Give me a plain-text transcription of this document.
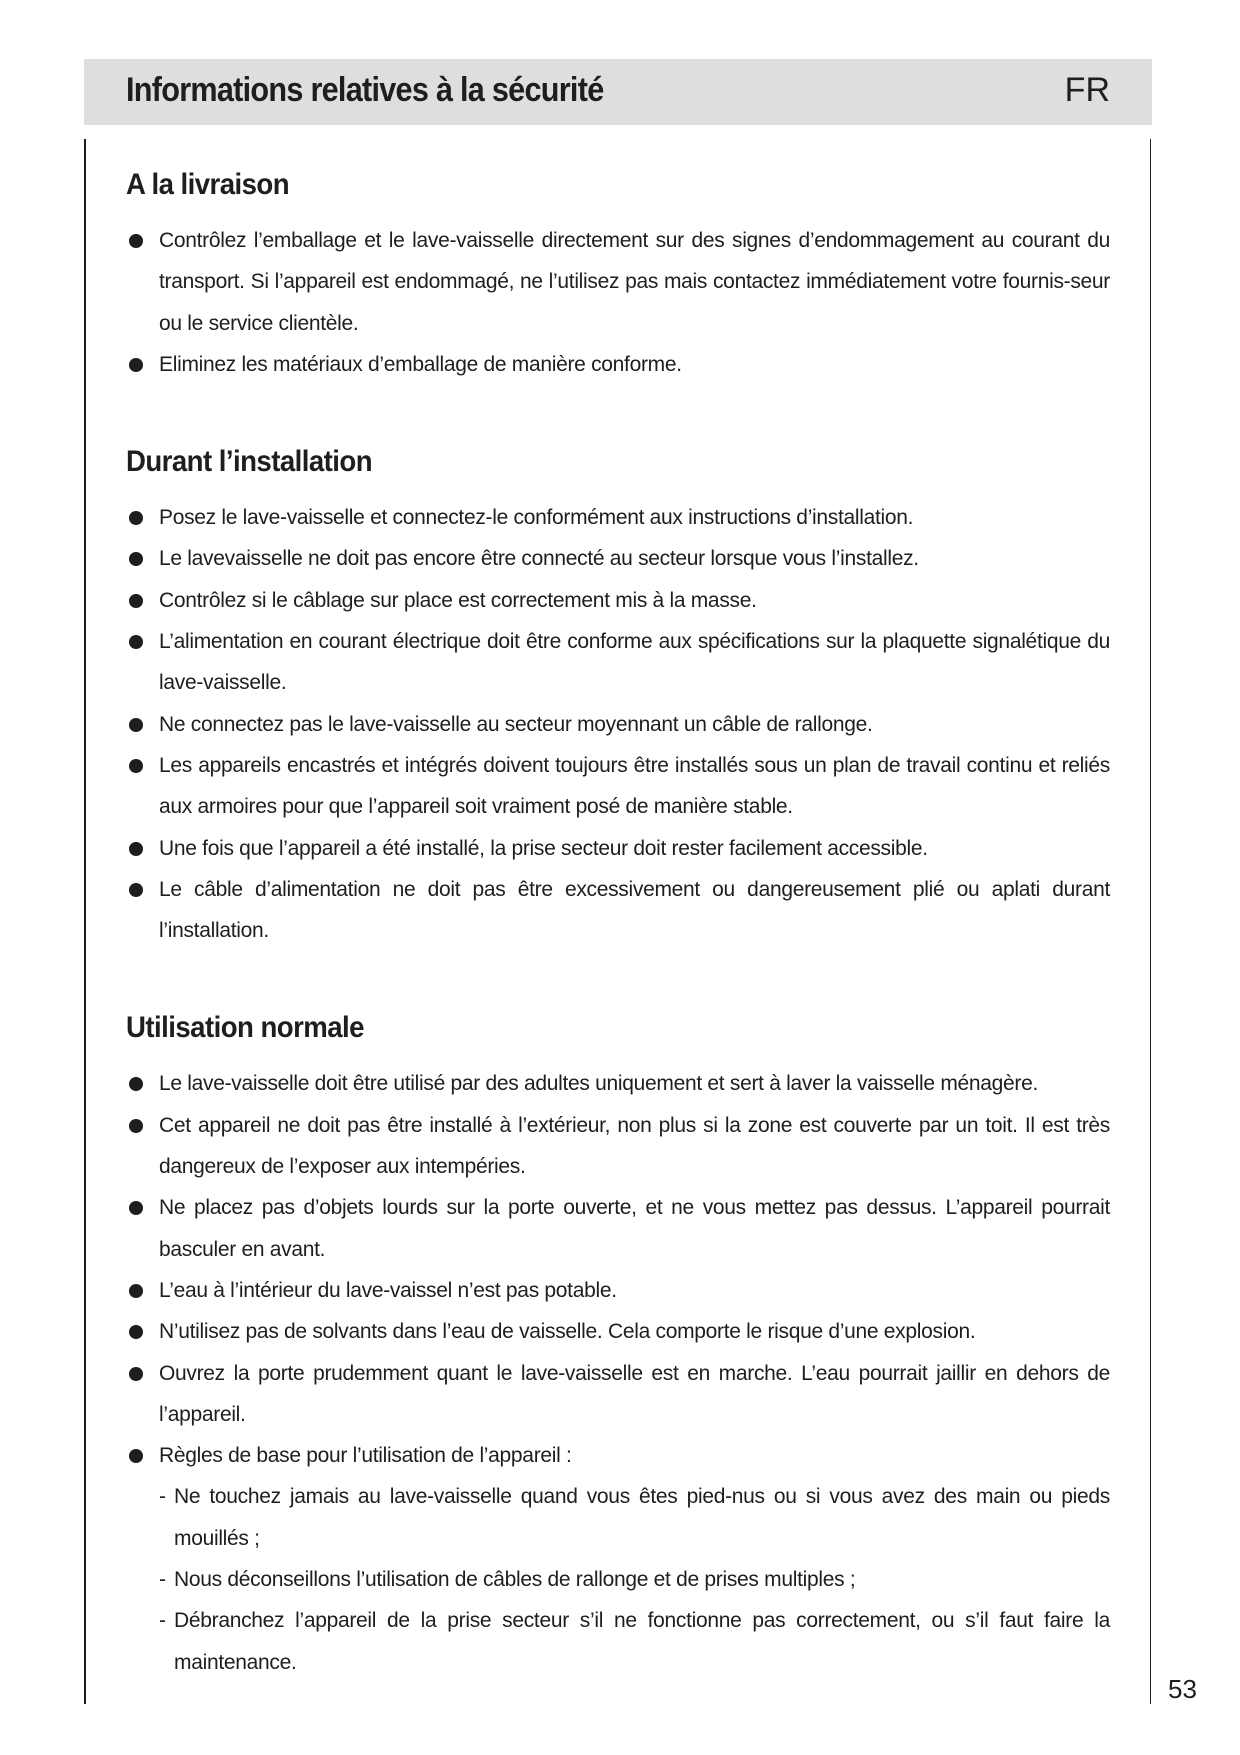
Informations relatives à la sécurité	FR
A la livraison
Contrôlez l’emballage et le lave-vaisselle directement sur des signes d’endommagement au courant du transport. Si l’appareil est endommagé, ne l’utilisez pas mais contactez immédiatement votre fournis-seur ou le service clientèle.
Eliminez les matériaux d’emballage de manière conforme.
Durant l’installation
Posez le lave-vaisselle et connectez-le conformément aux instructions d’installation.
Le lavevaisselle ne doit pas encore être connecté au secteur lorsque vous l’installez.
Contrôlez si le câblage sur place est correctement mis à la masse.
L’alimentation en courant électrique doit être conforme aux spécifications sur la plaquette signalétique du lave-vaisselle.
Ne connectez pas le lave-vaisselle au secteur moyennant un câble de rallonge.
Les appareils encastrés et intégrés doivent toujours être installés sous un plan de travail continu et reliés aux armoires pour que l’appareil soit vraiment posé de manière stable.
Une fois que l’appareil a été installé, la prise secteur doit rester facilement accessible.
Le câble d’alimentation ne doit pas être excessivement ou dangereusement plié ou aplati durant l’installation.
Utilisation normale
Le lave-vaisselle doit être utilisé par des adultes uniquement et sert à laver la vaisselle ménagère.
Cet appareil ne doit pas être installé à l’extérieur, non plus si la zone est couverte par un toit. Il est très dangereux de l’exposer aux intempéries.
Ne placez pas d’objets lourds sur la porte ouverte, et ne vous mettez pas dessus. L’appareil pourrait basculer en avant.
L’eau à l’intérieur du lave-vaissel n’est pas potable.
N’utilisez pas de solvants dans l’eau de vaisselle. Cela comporte le risque d’une explosion.
Ouvrez la porte prudemment quant le lave-vaisselle est en marche. L’eau pourrait jaillir en dehors de l’appareil.
Règles de base pour l’utilisation de l’appareil :
- Ne touchez jamais au lave-vaisselle quand vous êtes pied-nus ou si vous avez des main ou pieds mouillés ;
- Nous déconseillons l’utilisation de câbles de rallonge et de prises multiples ;
- Débranchez l’appareil de la prise secteur s’il ne fonctionne pas correctement, ou s’il faut faire la maintenance.
53
